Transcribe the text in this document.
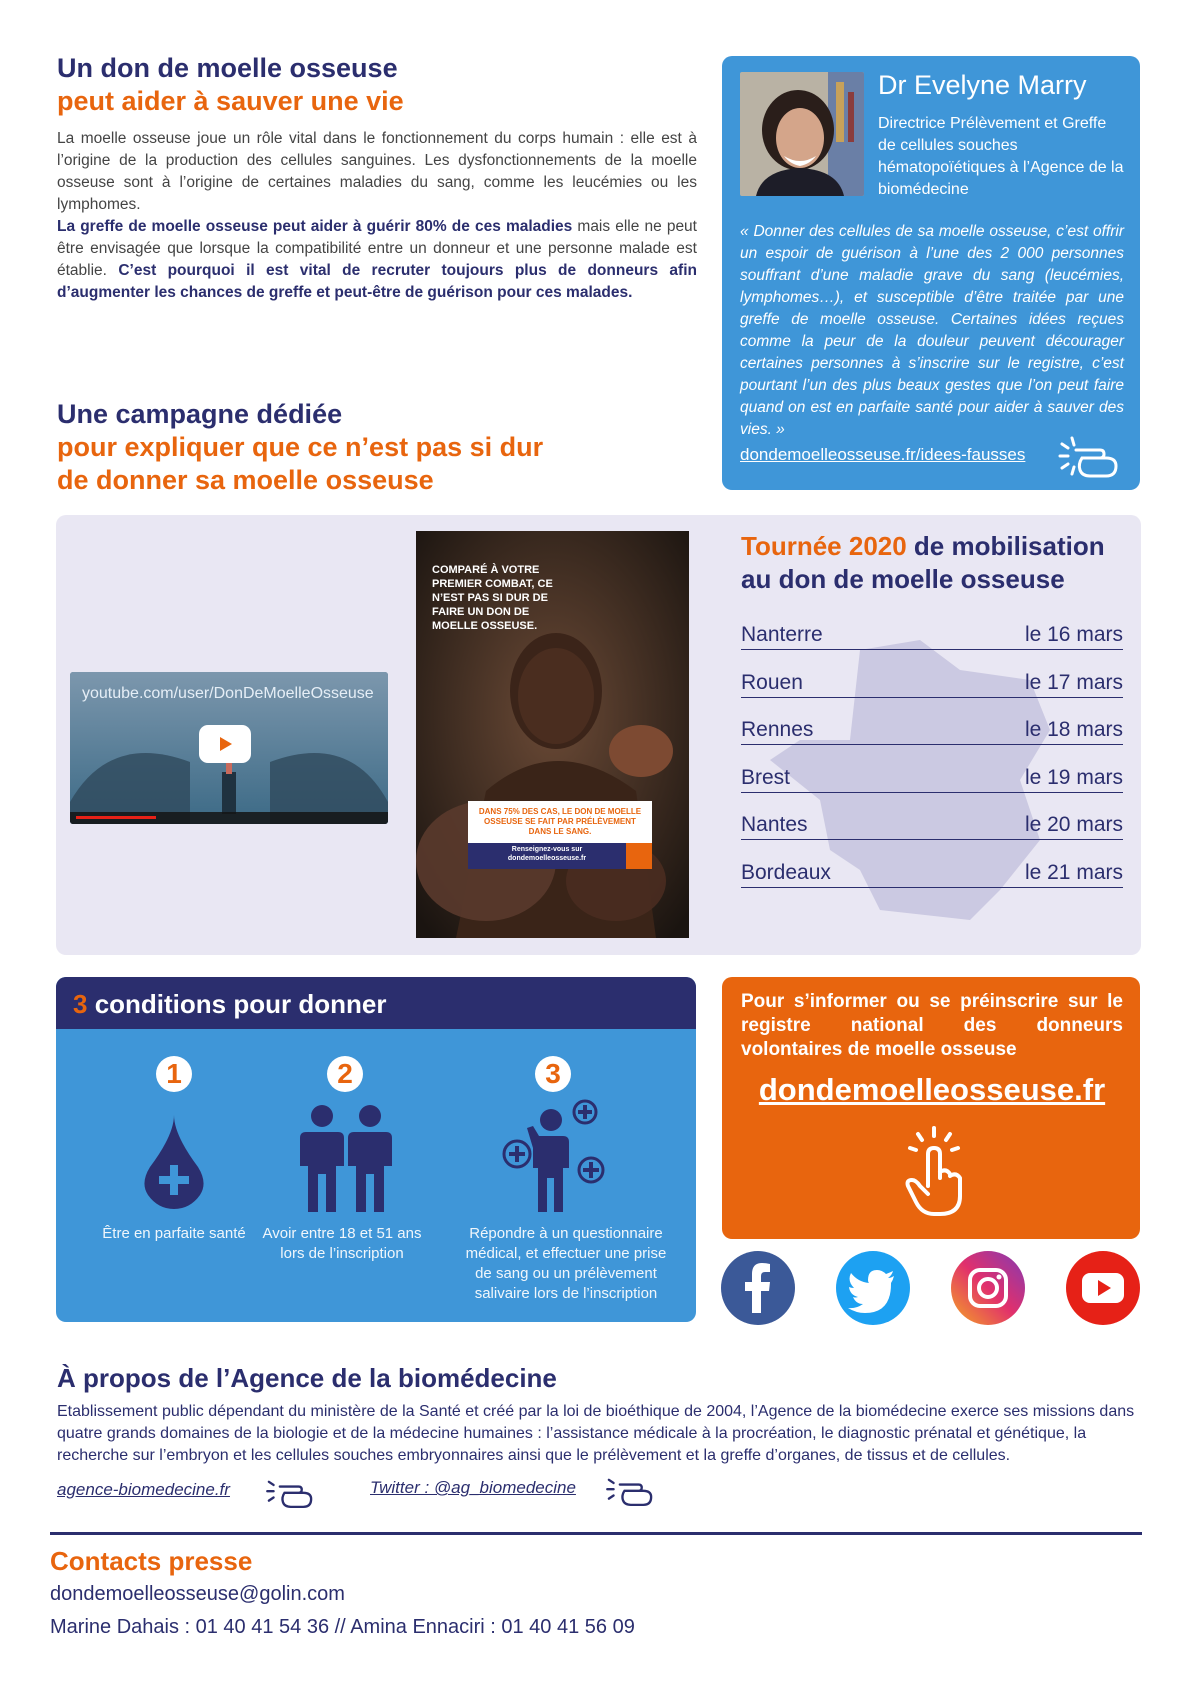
Un don de moelle osseuse
peut aider à sauver une vie
La moelle osseuse joue un rôle vital dans le fonctionnement du corps humain : elle est à l’origine de la production des cellules sanguines. Les dysfonctionnements de la moelle osseuse sont à l’origine de certaines maladies du sang, comme les leucémies ou les lymphomes.
La greffe de moelle osseuse peut aider à guérir 80% de ces maladies mais elle ne peut être envisagée que lorsque la compatibilité entre un donneur et une personne malade est établie. C’est pourquoi il est vital de recruter toujours plus de donneurs afin d’augmenter les chances de greffe et peut-être de guérison pour ces malades.
Dr Evelyne Marry
Directrice Prélèvement et Greffe de cellules souches hématopoïétiques à l’Agence de la biomédecine
« Donner des cellules de sa moelle osseuse, c’est offrir un espoir de guérison à l’une des 2 000 personnes souffrant d’une maladie grave du sang (leucémies, lymphomes…), et susceptible d’être traitée par une greffe de moelle osseuse. Certaines idées reçues comme la peur de la douleur peuvent décourager certaines personnes à s’inscrire sur le registre, c’est pourtant l’un des plus beaux gestes que l’on peut faire quand on est en parfaite santé pour aider à sauver des vies. »
dondemoelleosseuse.fr/idees-fausses
Une campagne dédiée
pour expliquer que ce n’est pas si dur
de donner sa moelle osseuse
youtube.com/user/DonDeMoelleOsseuse
COMPARÉ À VOTRE PREMIER COMBAT, CE N’EST PAS SI DUR DE FAIRE UN DON DE MOELLE OSSEUSE.
DANS 75% DES CAS, LE DON DE MOELLE OSSEUSE SE FAIT PAR PRÉLÈVEMENT DANS LE SANG.
Renseignez-vous sur dondemoelleosseuse.fr
Tournée 2020 de mobilisation
au don de moelle osseuse
Nanterre	le 16 mars
Rouen	le 17 mars
Rennes	le 18 mars
Brest	le 19 mars
Nantes	le 20 mars
Bordeaux	le 21 mars
3 conditions pour donner
1	2	3
Être en parfaite santé Avoir entre 18 et 51 ans lors de l’inscription
Répondre à un questionnaire médical, et effectuer une prise de sang ou un prélèvement salivaire lors de l’inscription
Pour s’informer ou se préinscrire sur le registre national des donneurs volontaires de moelle osseuse
dondemoelleosseuse.fr
À propos de l’Agence de la biomédecine
Etablissement public dépendant du ministère de la Santé et créé par la loi de bioéthique de 2004, l’Agence de la biomédecine exerce ses missions dans quatre grands domaines de la biologie et de la médecine humaines : l’assistance médicale à la procréation, le diagnostic prénatal et génétique, la recherche sur l’embryon et les cellules souches embryonnaires ainsi que le prélèvement et la greffe d’organes, de tissus et de cellules.
agence-biomedecine.fr	Twitter : @ag_biomedecine
Contacts presse
dondemoelleosseuse@golin.com
Marine Dahais : 01 40 41 54 36 // Amina Ennaciri : 01 40 41 56 09
